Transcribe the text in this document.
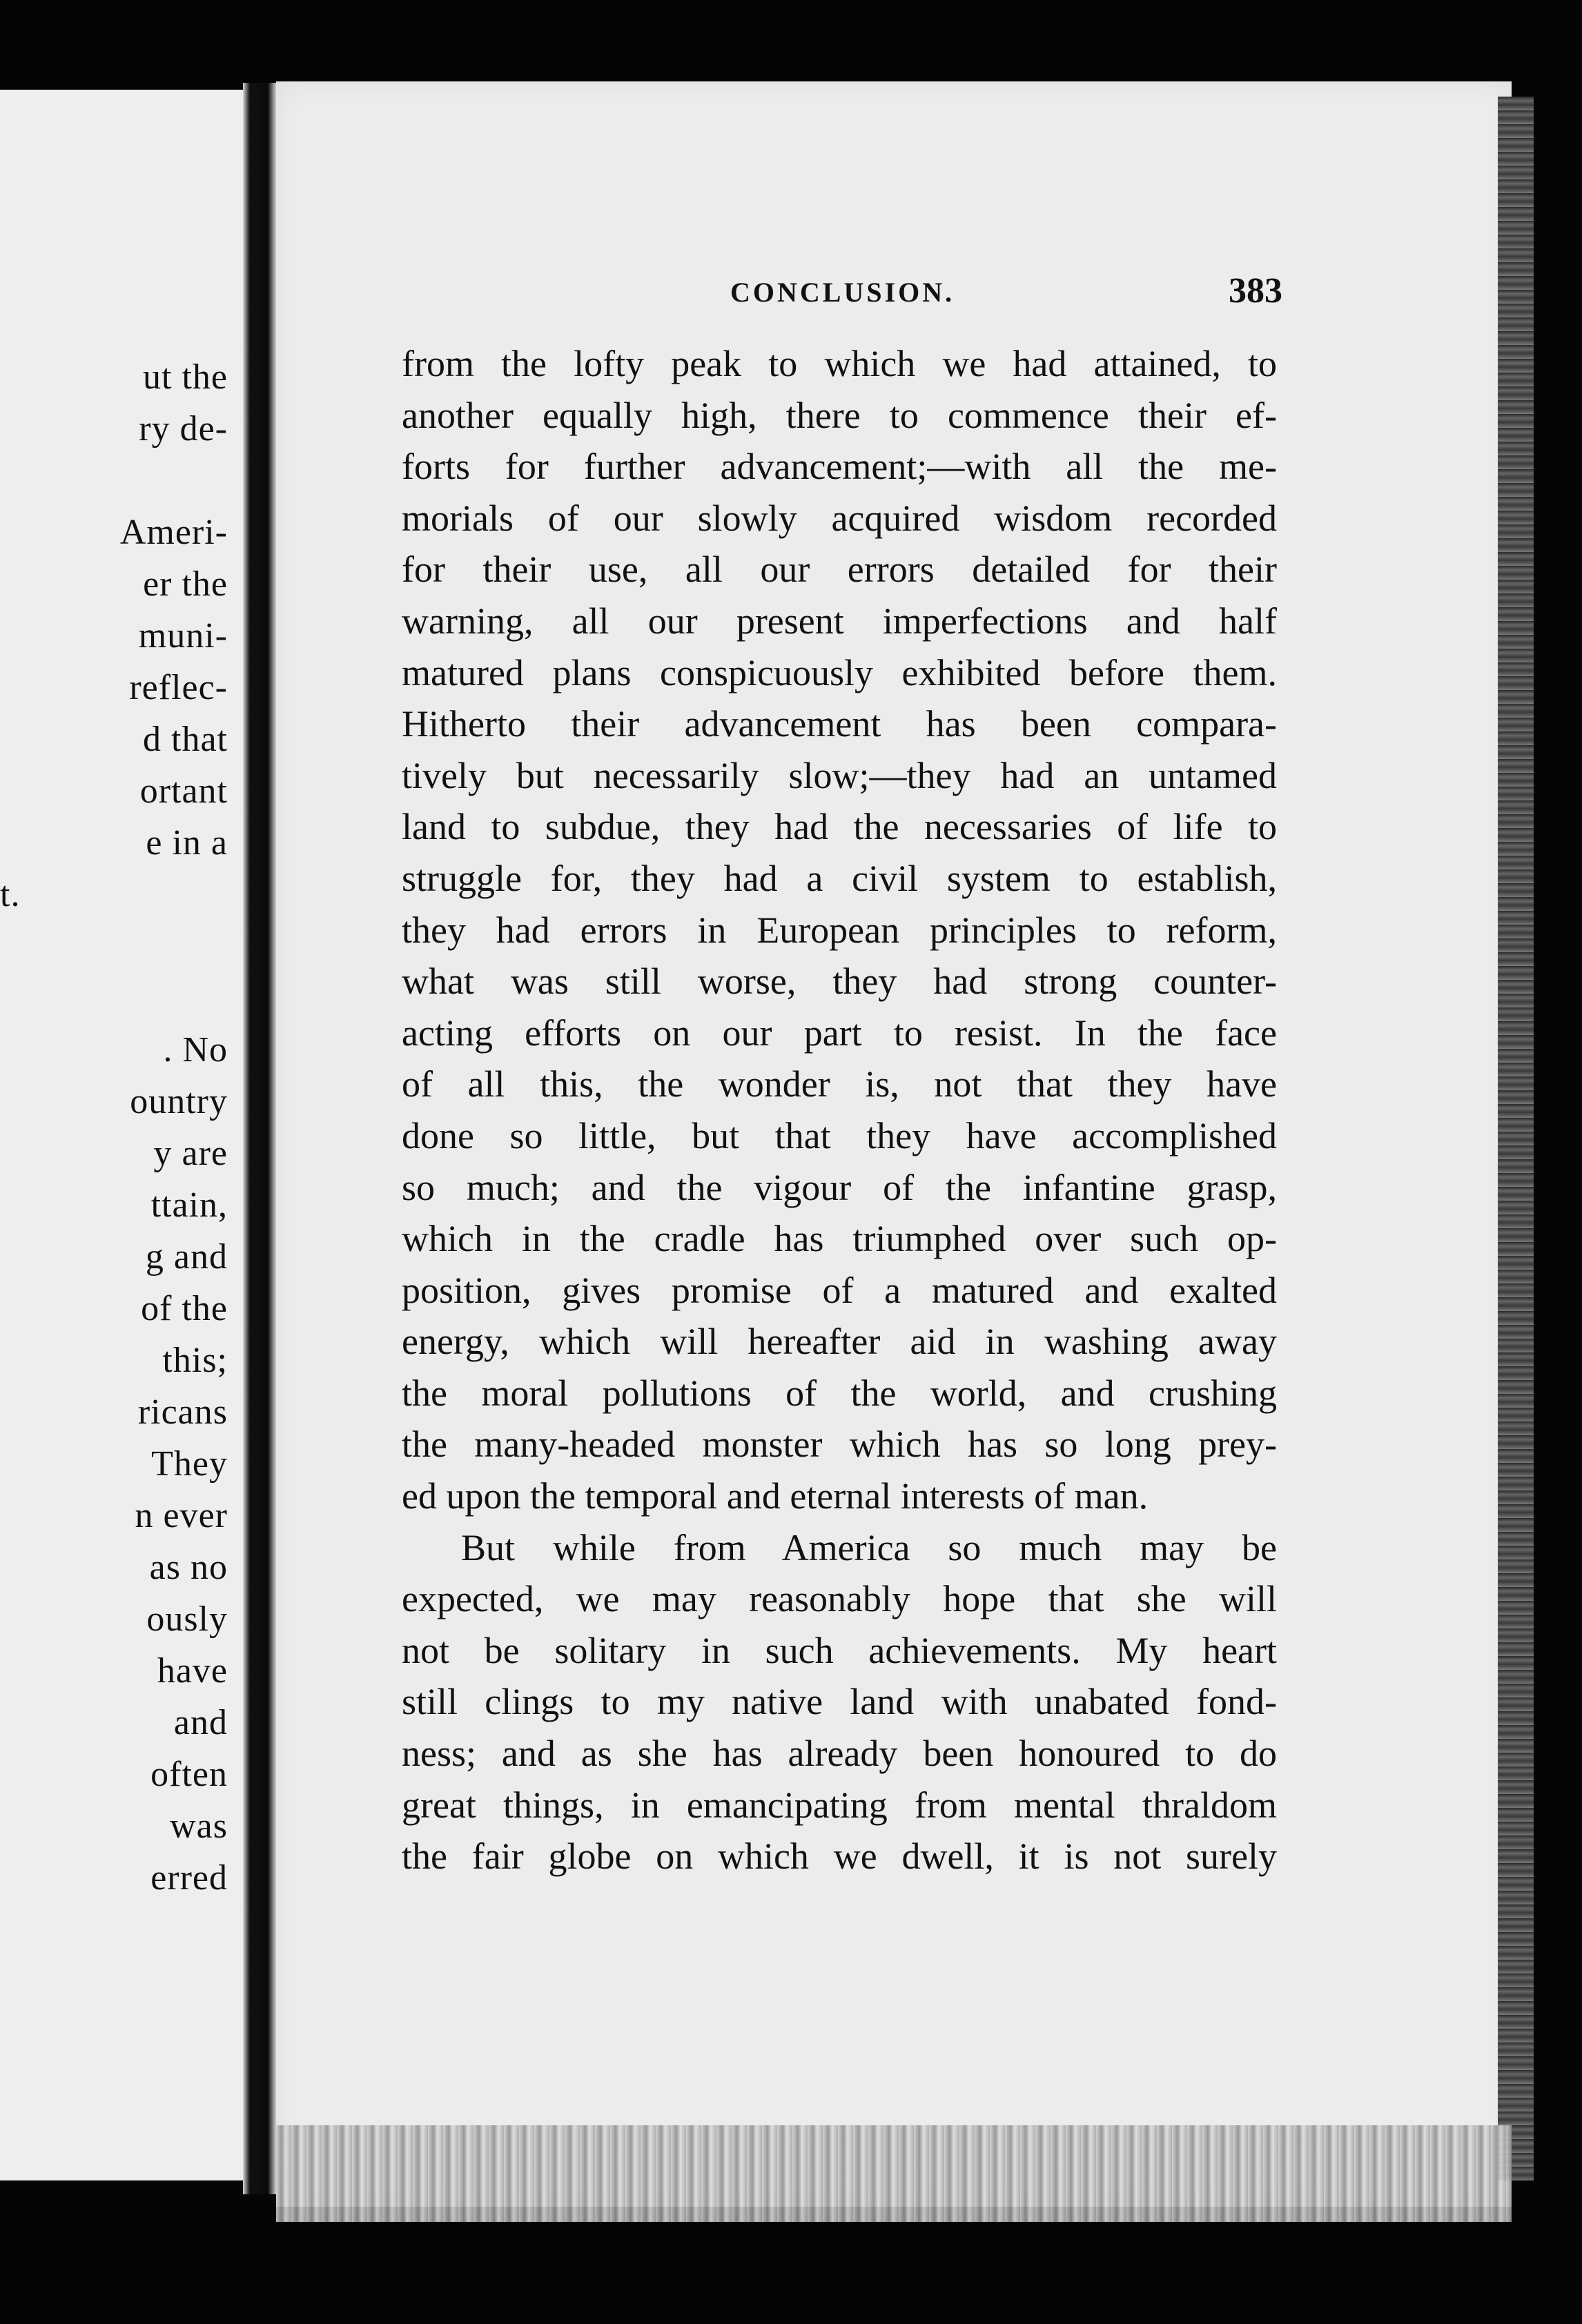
ut the
ry de-
Ameri-
er the
muni-
reflec-
d that
ortant
e in a
t.
. No
ountry
y are
ttain,
g and
of the
this;
ricans
They
n ever
as no
ously
have
and
often
was
erred
CONCLUSION.	383
from the lofty peak to which we had attained, to
another equally high, there to commence their ef-
forts for further advancement;—with all the me-
morials of our slowly acquired wisdom recorded
for their use, all our errors detailed for their
warning, all our present imperfections and half
matured plans conspicuously exhibited before them.
Hitherto their advancement has been compara-
tively but necessarily slow;—they had an untamed
land to subdue, they had the necessaries of life to
struggle for, they had a civil system to establish,
they had errors in European principles to reform,
what was still worse, they had strong counter-
acting efforts on our part to resist. In the face
of all this, the wonder is, not that they have
done so little, but that they have accomplished
so much; and the vigour of the infantine grasp,
which in the cradle has triumphed over such op-
position, gives promise of a matured and exalted
energy, which will hereafter aid in washing away
the moral pollutions of the world, and crushing
the many-headed monster which has so long prey-
ed upon the temporal and eternal interests of man.
But while from America so much may be
expected, we may reasonably hope that she will
not be solitary in such achievements. My heart
still clings to my native land with unabated fond-
ness; and as she has already been honoured to do
great things, in emancipating from mental thraldom
the fair globe on which we dwell, it is not surely
